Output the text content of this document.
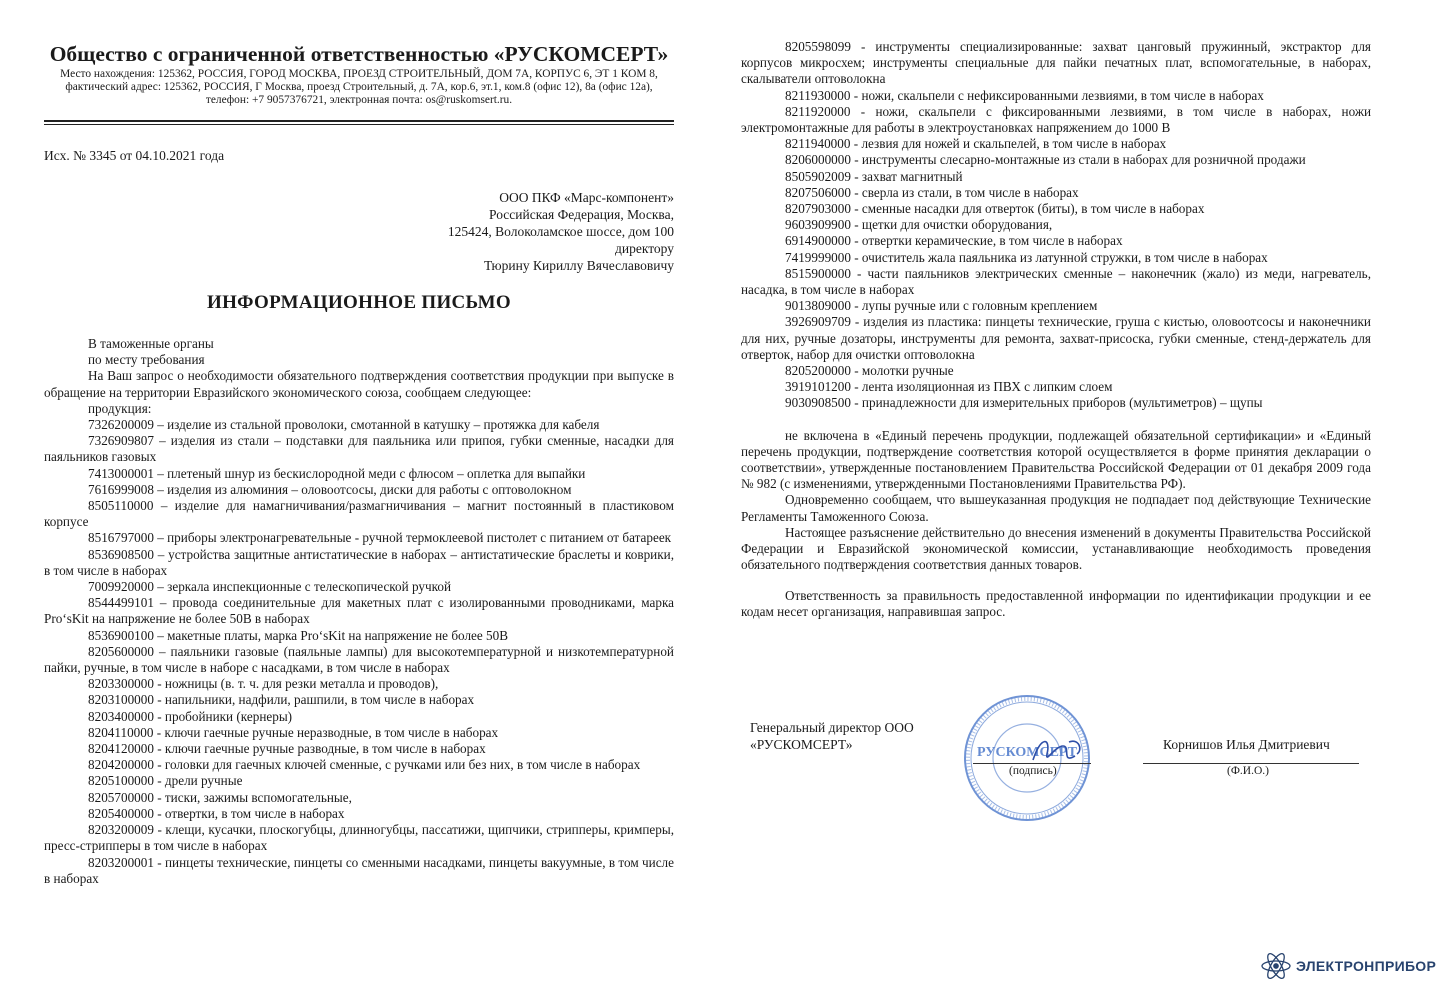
Общество с ограниченной ответственностью «РУСКОМСЕРТ»
Место нахождения: 125362, РОССИЯ, ГОРОД МОСКВА, ПРОЕЗД СТРОИТЕЛЬНЫЙ, ДОМ 7А, КОРПУС 6, ЭТ 1 КОМ 8,
фактический адрес: 125362, РОССИЯ, Г Москва, проезд Строительный, д. 7А, кор.6, эт.1, ком.8 (офис 12), 8а (офис 12а),
телефон: +7 9057376721, электронная почта: os@ruskomsert.ru.
Исх. № 3345 от 04.10.2021 года
ООО ПКФ «Марс-компонент»
Российская Федерация, Москва,
125424, Волоколамское шоссе, дом 100
директору
Тюрину Кириллу Вячеславовичу
ИНФОРМАЦИОННОЕ ПИСЬМО

В таможенные органы

по месту требования

На Ваш запрос о необходимости обязательного подтверждения соответствия продукции при выпуске в обращение на территории Евразийского экономического союза, сообщаем следующее:

продукция:

7326200009 – изделие из стальной проволоки, смотанной в катушку – протяжка для кабеля

7326909807 – изделия из стали – подставки для паяльника или припоя, губки сменные, насадки для паяльников газовых

7413000001 – плетеный шнур из бескислородной меди с флюсом – оплетка для выпайки

7616999008 – изделия из алюминия – оловоотсосы, диски для работы с оптоволокном

8505110000 – изделие для намагничивания/размагничивания – магнит постоянный в пластиковом корпусе

8516797000 – приборы электронагревательные - ручной термоклеевой пистолет с питанием от батареек

8536908500 – устройства защитные антистатические в наборах – антистатические браслеты и коврики, в том числе в наборах

7009920000 – зеркала инспекционные с телескопической ручкой

8544499101 – провода соединительные для макетных плат с изолированными проводниками, марка Pro‘sKit на напряжение не более 50В в наборах

8536900100 – макетные платы, марка Pro‘sKit на напряжение не более 50В

8205600000 – паяльники газовые (паяльные лампы) для высокотемпературной и низкотемпературной пайки, ручные, в том числе в наборе с насадками, в том числе в наборах

8203300000 - ножницы (в. т. ч. для резки металла и проводов),

8203100000 - напильники, надфили, рашпили, в том числе в наборах

8203400000 - пробойники (кернеры)

8204110000 - ключи гаечные ручные неразводные, в том числе в наборах

8204120000 - ключи гаечные ручные разводные, в том числе в наборах

8204200000 - головки для гаечных ключей сменные, с ручками или без них, в том числе в наборах

8205100000 - дрели ручные

8205700000 - тиски, зажимы вспомогательные,

8205400000 - отвертки, в том числе в наборах

8203200009 - клещи, кусачки, плоскогубцы, длинногубцы, пассатижи, щипчики, стрипперы, кримперы, пресс-стрипперы в том числе в наборах

8203200001 - пинцеты технические, пинцеты со сменными насадками, пинцеты вакуумные, в том числе в наборах

8205598099 - инструменты специализированные: захват цанговый пружинный, экстрактор для корпусов микросхем; инструменты специальные для пайки печатных плат, вспомогательные, в наборах, скалыватели оптоволокна

8211930000 - ножи, скальпели с нефиксированными лезвиями, в том числе в наборах

8211920000 - ножи, скальпели с фиксированными лезвиями, в том числе в наборах, ножи электромонтажные для работы в электроустановках напряжением до 1000 В

8211940000 - лезвия для ножей и скальпелей, в том числе в наборах

8206000000 - инструменты слесарно-монтажные из стали в наборах для розничной продажи

8505902009 - захват магнитный

8207506000 - сверла из стали, в том числе в наборах

8207903000 - сменные насадки для отверток (биты), в том числе в наборах

9603909900 - щетки для очистки оборудования,

6914900000 - отвертки керамические, в том числе в наборах

7419999000 - очиститель жала паяльника из латунной стружки, в том числе в наборах

8515900000 - части паяльников электрических сменные – наконечник (жало) из меди, нагреватель, насадка, в том числе в наборах

9013809000 - лупы ручные или с головным креплением

3926909709 - изделия из пластика: пинцеты технические, груша с кистью, оловоотсосы и наконечники для них, ручные дозаторы, инструменты для ремонта, захват-присоска, губки сменные, стенд-держатель для отверток, набор для очистки оптоволокна

8205200000 - молотки ручные

3919101200 - лента изоляционная из ПВХ с липким слоем

9030908500 - принадлежности для измерительных приборов (мультиметров) – щупы

не включена в «Единый перечень продукции, подлежащей обязательной сертификации» и «Единый перечень продукции, подтверждение соответствия которой осуществляется в форме принятия декларации о соответствии», утвержденные постановлением Правительства Российской Федерации от 01 декабря 2009 года № 982 (с изменениями, утвержденными Постановлениями Правительства РФ).

Одновременно сообщаем, что вышеуказанная продукция не подпадает под действующие Технические Регламенты Таможенного Союза.

Настоящее разъяснение действительно до внесения изменений в документы Правительства Российской Федерации и Евразийской экономической комиссии, устанавливающие необходимость проведения обязательного подтверждения соответствия данных товаров.

Ответственность за правильность предоставленной информации по идентификации продукции и ее кодам несет организация, направившая запрос.

Генеральный директор ООО
«РУСКОМСЕРТ»
РУСКОМСЕРТ
Корнишов Илья Дмитриевич
(подпись)	(Ф.И.О.)
ЭЛЕКТРОНПРИБОР
